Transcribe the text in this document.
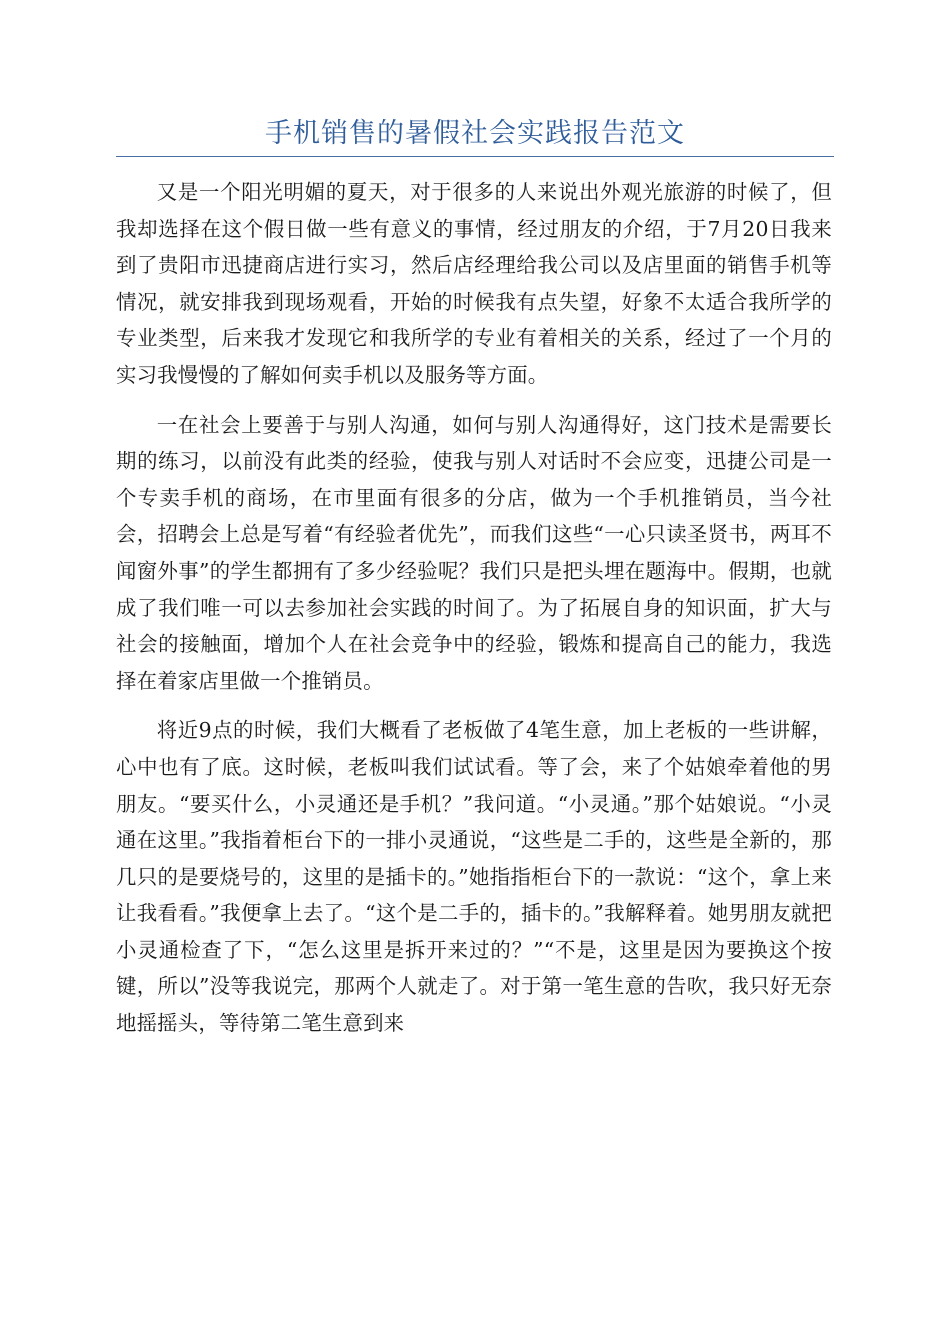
手机销售的暑假社会实践报告范文

又是一个阳光明媚的夏天，对于很多的人来说出外观光旅游的时候了，但我却选择在这个假日做一些有意义的事情，经过朋友的介绍，于7月20日我来到了贵阳市迅捷商店进行实习，然后店经理给我公司以及店里面的销售手机等情况，就安排我到现场观看，开始的时候我有点失望，好象不太适合我所学的专业类型，后来我才发现它和我所学的专业有着相关的关系，经过了一个月的实习我慢慢的了解如何卖手机以及服务等方面。

一在社会上要善于与别人沟通，如何与别人沟通得好，这门技术是需要长期的练习，以前没有此类的经验，使我与别人对话时不会应变，迅捷公司是一个专卖手机的商场，在市里面有很多的分店，做为一个手机推销员，当今社会，招聘会上总是写着“有经验者优先”，而我们这些“一心只读圣贤书，两耳不闻窗外事”的学生都拥有了多少经验呢？我们只是把头埋在题海中。假期，也就成了我们唯一可以去参加社会实践的时间了。为了拓展自身的知识面，扩大与社会的接触面，增加个人在社会竞争中的经验，锻炼和提高自己的能力，我选择在着家店里做一个推销员。

将近9点的时候，我们大概看了老板做了4笔生意，加上老板的一些讲解，心中也有了底。这时候，老板叫我们试试看。等了会，来了个姑娘牵着他的男朋友。“要买什么，小灵通还是手机？”我问道。“小灵通。”那个姑娘说。“小灵通在这里。”我指着柜台下的一排小灵通说，“这些是二手的，这些是全新的，那几只的是要烧号的，这里的是插卡的。”她指指柜台下的一款说：“这个，拿上来让我看看。”我便拿上去了。“这个是二手的，插卡的。”我解释着。她男朋友就把小灵通检查了下，“怎么这里是拆开来过的？”“不是，这里是因为要换这个按键，所以”没等我说完，那两个人就走了。对于第一笔生意的告吹，我只好无奈地摇摇头，等待第二笔生意到来
